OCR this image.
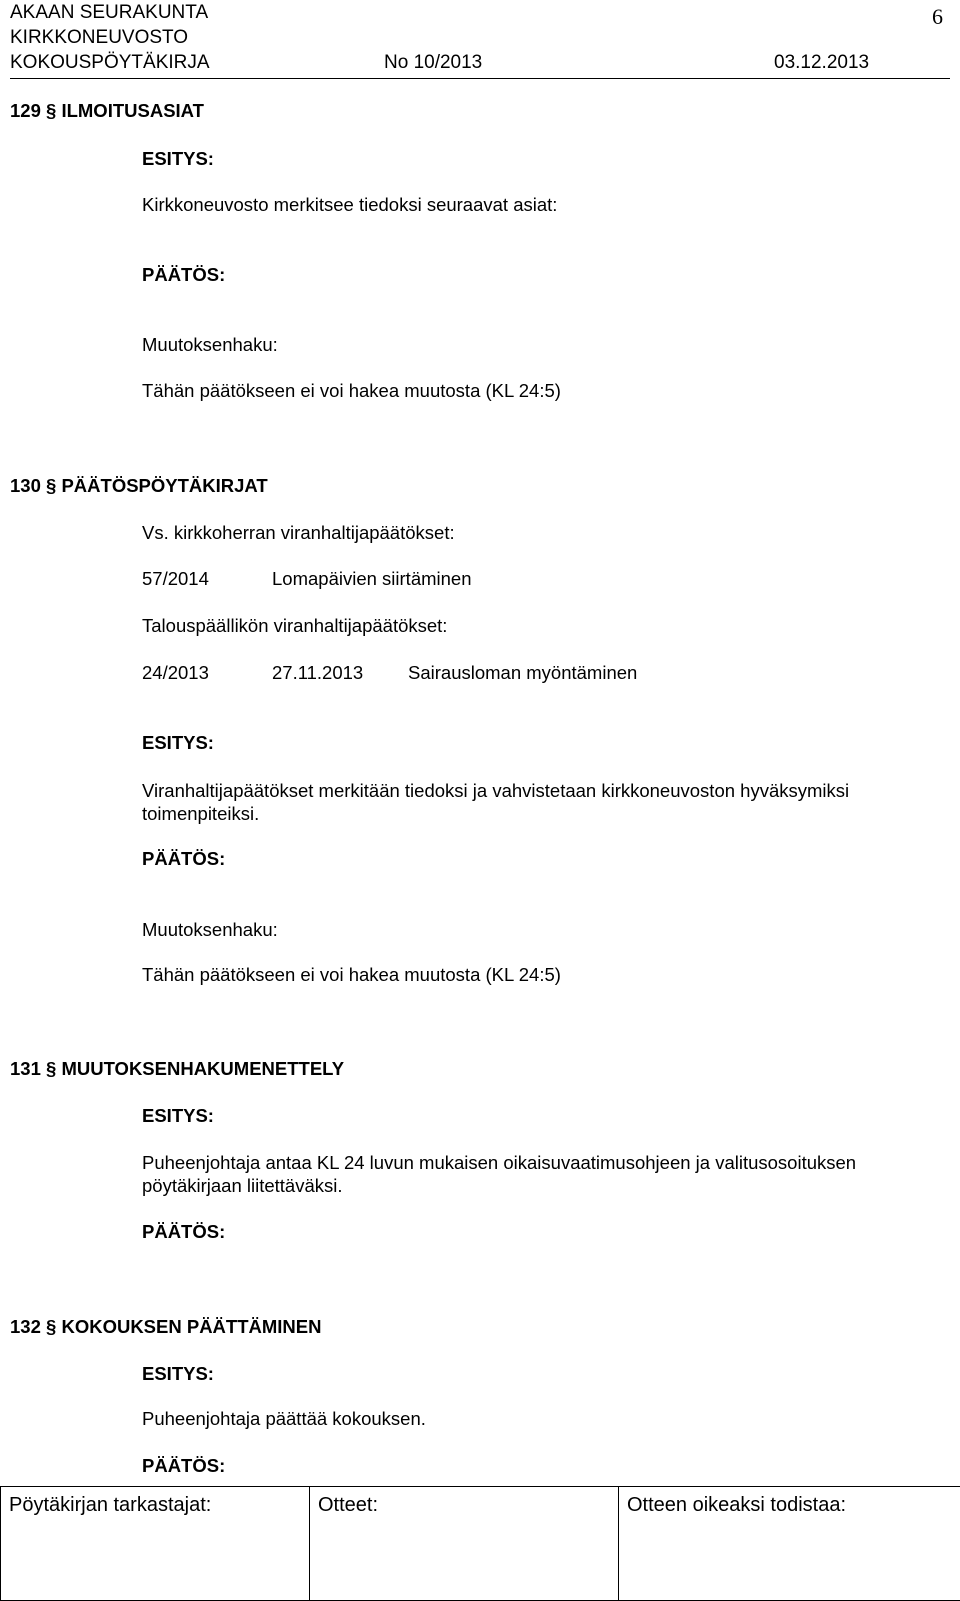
AKAAN SEURAKUNTA
KIRKKONEUVOSTO
KOKOUSPÖYTÄKIRJA	No 10/2013	03.12.2013
6
129 § ILMOITUSASIAT
ESITYS:
Kirkkoneuvosto merkitsee tiedoksi seuraavat asiat:
PÄÄTÖS:
Muutoksenhaku:
Tähän päätökseen ei voi hakea muutosta (KL 24:5)
130 § PÄÄTÖSPÖYTÄKIRJAT
Vs. kirkkoherran viranhaltijapäätökset:
57/2014	Lomapäivien siirtäminen
Talouspäällikön viranhaltijapäätökset:
24/2013	27.11.2013 Sairausloman myöntäminen
ESITYS:
Viranhaltijapäätökset merkitään tiedoksi ja vahvistetaan kirkkoneuvoston hyväksymiksi toimenpiteiksi.
PÄÄTÖS:
Muutoksenhaku:
Tähän päätökseen ei voi hakea muutosta (KL 24:5)
131 § MUUTOKSENHAKUMENETTELY
ESITYS:
Puheenjohtaja antaa KL 24 luvun mukaisen oikaisuvaatimusohjeen ja valitusosoituksen pöytäkirjaan liitettäväksi.
PÄÄTÖS:
132 § KOKOUKSEN PÄÄTTÄMINEN
ESITYS:
Puheenjohtaja päättää kokouksen.
PÄÄTÖS:
Pöytäkirjan tarkastajat:	Otteet:	Otteen oikeaksi todistaa:
